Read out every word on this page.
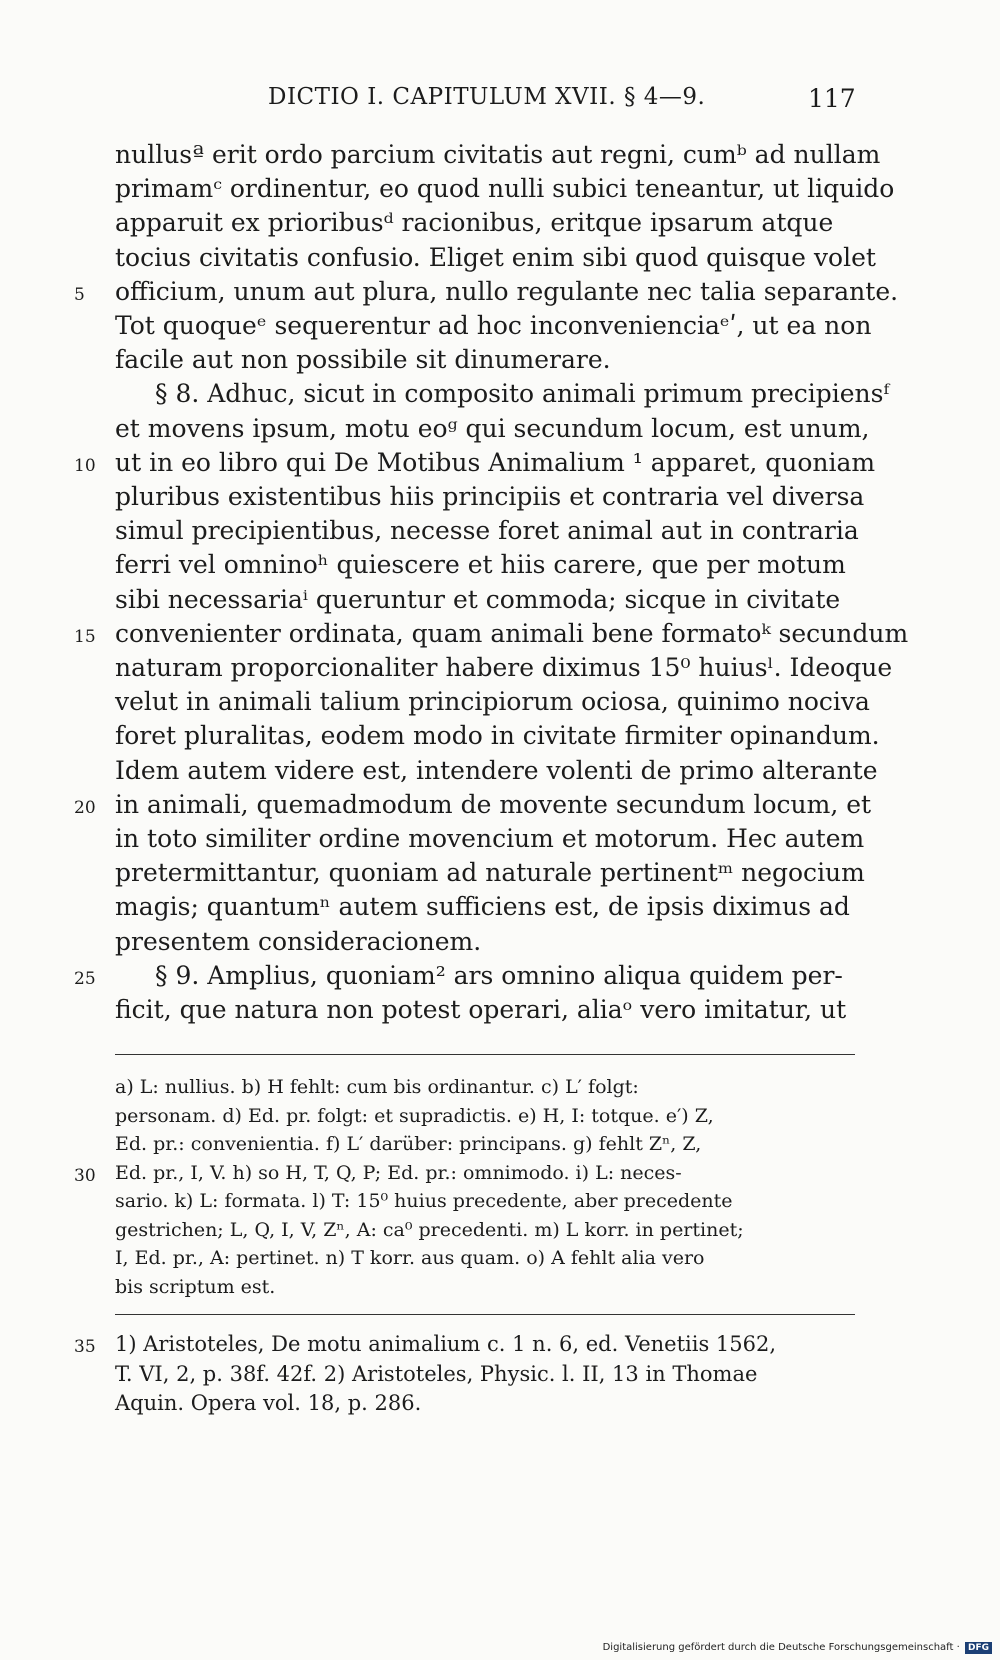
DICTIO I. CAPITULUM XVII. § 4—9.	117
nullusª erit ordo parcium civitatis aut regni, cumᵇ ad nullam
primamᶜ ordinentur, eo quod nulli subici teneantur, ut liquido
apparuit ex prioribusᵈ racionibus, eritque ipsarum atque
tocius civitatis confusio. Eliget enim sibi quod quisque volet
officium, unum aut plura, nullo regulante nec talia separante.
5
Tot quoqueᵉ sequerentur ad hoc inconvenienciaᵉʹ, ut ea non
facile aut non possibile sit dinumerare.
§ 8. Adhuc, sicut in composito animali primum precipiensᶠ
et movens ipsum, motu eoᵍ qui secundum locum, est unum,
ut in eo libro qui De Motibus Animalium ¹ apparet, quoniam
10
pluribus existentibus hiis principiis et contraria vel diversa
simul precipientibus, necesse foret animal aut in contraria
ferri vel omninoʰ quiescere et hiis carere, que per motum
sibi necessariaⁱ queruntur et commoda; sicque in civitate
convenienter ordinata, quam animali bene formatoᵏ secundum
15
naturam proporcionaliter habere diximus 15⁰ huiusˡ. Ideoque
velut in animali talium principiorum ociosa, quinimo nociva
foret pluralitas, eodem modo in civitate firmiter opinandum.
Idem autem videre est, intendere volenti de primo alterante
in animali, quemadmodum de movente secundum locum, et
20
in toto similiter ordine movencium et motorum. Hec autem
pretermittantur, quoniam ad naturale pertinentᵐ negocium
magis; quantumⁿ autem sufficiens est, de ipsis diximus ad
presentem consideracionem.
§ 9. Amplius, quoniam² ars omnino aliqua quidem per-
25
ficit, que natura non potest operari, aliaᵒ vero imitatur, ut
a) L: nullius. b) H fehlt: cum bis ordinantur. c) L′ folgt:
personam. d) Ed. pr. folgt: et supradictis. e) H, I: totque. e′) Z,
Ed. pr.: convenientia. f) L′ darüber: principans. g) fehlt Zⁿ, Z,
Ed. pr., I, V. h) so H, T, Q, P; Ed. pr.: omnimodo. i) L: neces-
30
sario. k) L: formata. l) T: 15⁰ huius precedente, aber precedente
gestrichen; L, Q, I, V, Zⁿ, A: ca⁰ precedenti. m) L korr. in pertinet;
I, Ed. pr., A: pertinet. n) T korr. aus quam. o) A fehlt alia vero
bis scriptum est.
1) Aristoteles, De motu animalium c. 1 n. 6, ed. Venetiis 1562,
35
T. VI, 2, p. 38f. 42f. 2) Aristoteles, Physic. l. II, 13 in Thomae
Aquin. Opera vol. 18, p. 286.
Digitalisierung gefördert durch die Deutsche Forschungsgemeinschaft · DFG
